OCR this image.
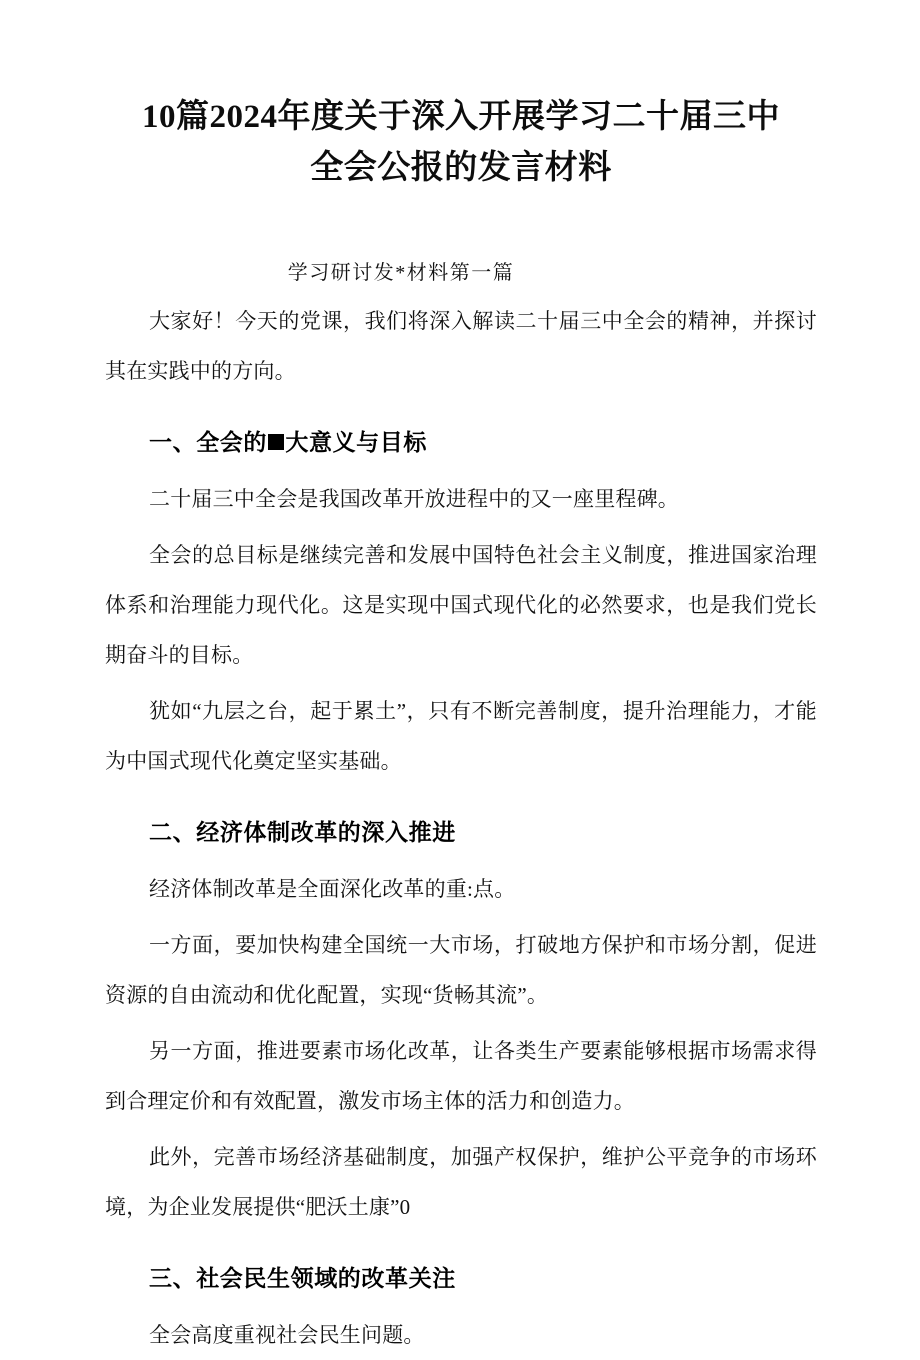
10篇2024年度关于深入开展学习二十届三中全会公报的发言材料

学习研讨发*材料第一篇

大家好！今天的党课，我们将深入解读二十届三中全会的精神，并探讨其在实践中的方向。

一、全会的 大意义与目标

二十届三中全会是我国改革开放进程中的又一座里程碑。

全会的总目标是继续完善和发展中国特色社会主义制度，推进国家治理体系和治理能力现代化。这是实现中国式现代化的必然要求，也是我们党长期奋斗的目标。

犹如“九层之台，起于累土”，只有不断完善制度，提升治理能力，才能为中国式现代化奠定坚实基础。

二、经济体制改革的深入推进

经济体制改革是全面深化改革的重:点。

一方面，要加快构建全国统一大市场，打破地方保护和市场分割，促进资源的自由流动和优化配置，实现“货畅其流”。

另一方面，推进要素市场化改革，让各类生产要素能够根据市场需求得到合理定价和有效配置，激发市场主体的活力和创造力。

此外，完善市场经济基础制度，加强产权保护，维护公平竞争的市场环境，为企业发展提供“肥沃土康”0

三、社会民生领域的改革关注

全会高度重视社会民生问题。
